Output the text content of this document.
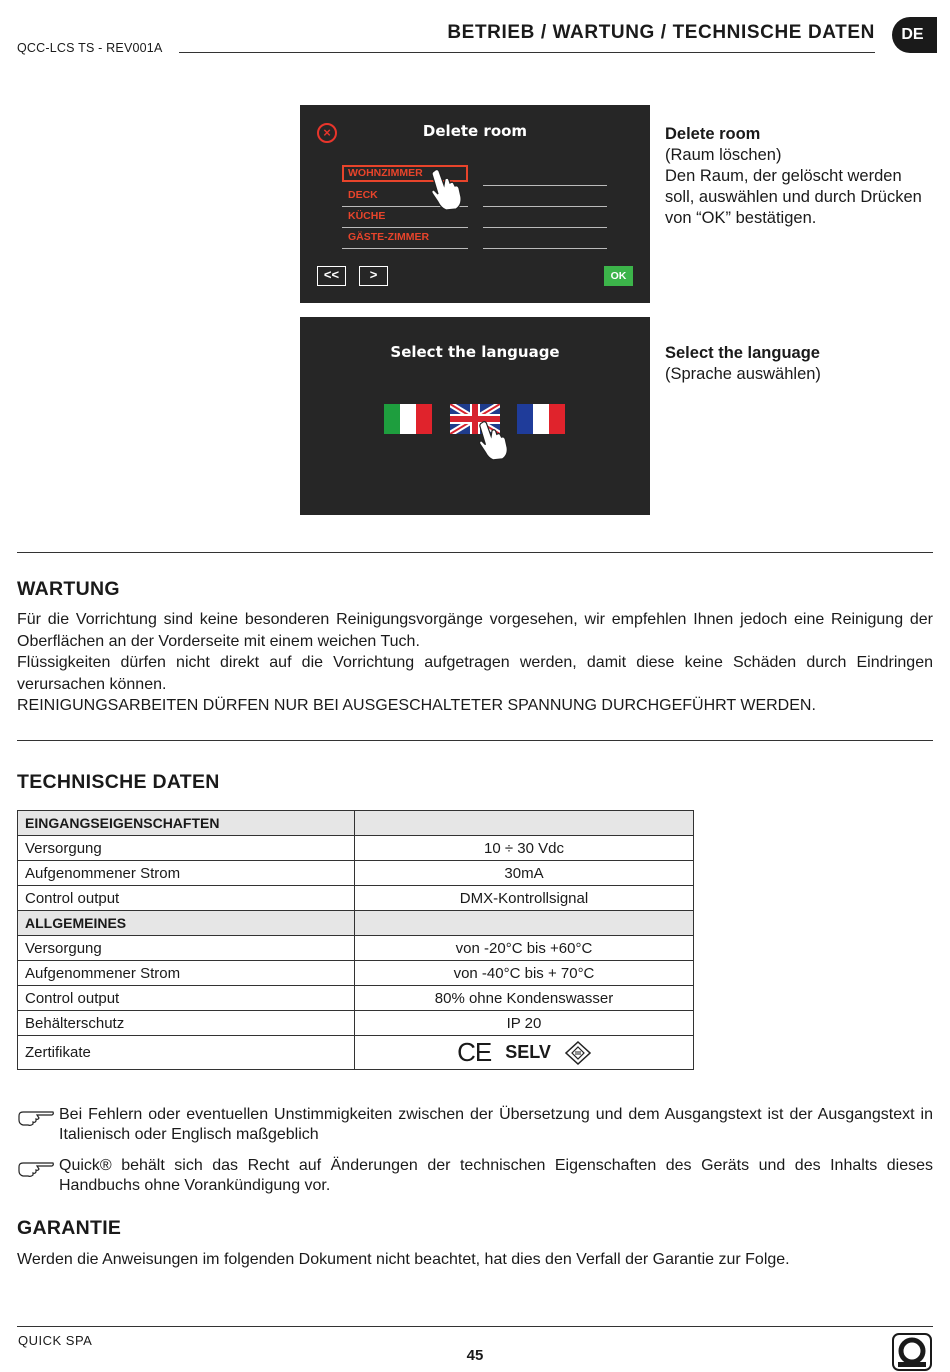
QCC-LCS TS - REV001A
BETRIEB / WARTUNG / TECHNISCHE DATEN	DE
×	Delete room
WOHNZIMMER
DECK
KÜCHE
GÄSTE-ZIMMER
<<	>	OK
Delete room
(Raum löschen)
Den Raum, der gelöscht werden soll, auswählen und durch Drücken von “OK” bestätigen.
Select the language	Select the language
(Sprache auswählen)
WARTUNG
Für die Vorrichtung sind keine besonderen Reinigungsvorgänge vorgesehen, wir empfehlen Ihnen jedoch eine Reinigung der Oberflächen an der Vorderseite mit einem weichen Tuch.
Flüssigkeiten dürfen nicht direkt auf die Vorrichtung aufgetragen werden, damit diese keine Schäden durch Eindringen verursachen können.
REINIGUNGSARBEITEN DÜRFEN NUR BEI AUSGESCHALTETER SPANNUNG DURCHGEFÜHRT WERDEN.
TECHNISCHE DATEN
EINGANGSEIGENSCHAFTEN	
Versorgung	10 ÷ 30 Vdc
Aufgenommener Strom	30mA
Control output	DMX-Kontrollsignal
ALLGEMEINES	
Versorgung	von -20°C bis +60°C
Aufgenommener Strom	von -40°C bis + 70°C
Control output	80% ohne Kondenswasser
Behälterschutz	IP 20
Zertifikate	CE SELV
Bei Fehlern oder eventuellen Unstimmigkeiten zwischen der Übersetzung und dem Ausgangstext ist der Ausgangstext in Italienisch oder Englisch maßgeblich
Quick® behält sich das Recht auf Änderungen der technischen Eigenschaften des Geräts und des Inhalts dieses Handbuchs ohne Vorankündigung vor.
GARANTIE
Werden die Anweisungen im folgenden Dokument nicht beachtet, hat dies den Verfall der Garantie zur Folge.
QUICK SPA
45
